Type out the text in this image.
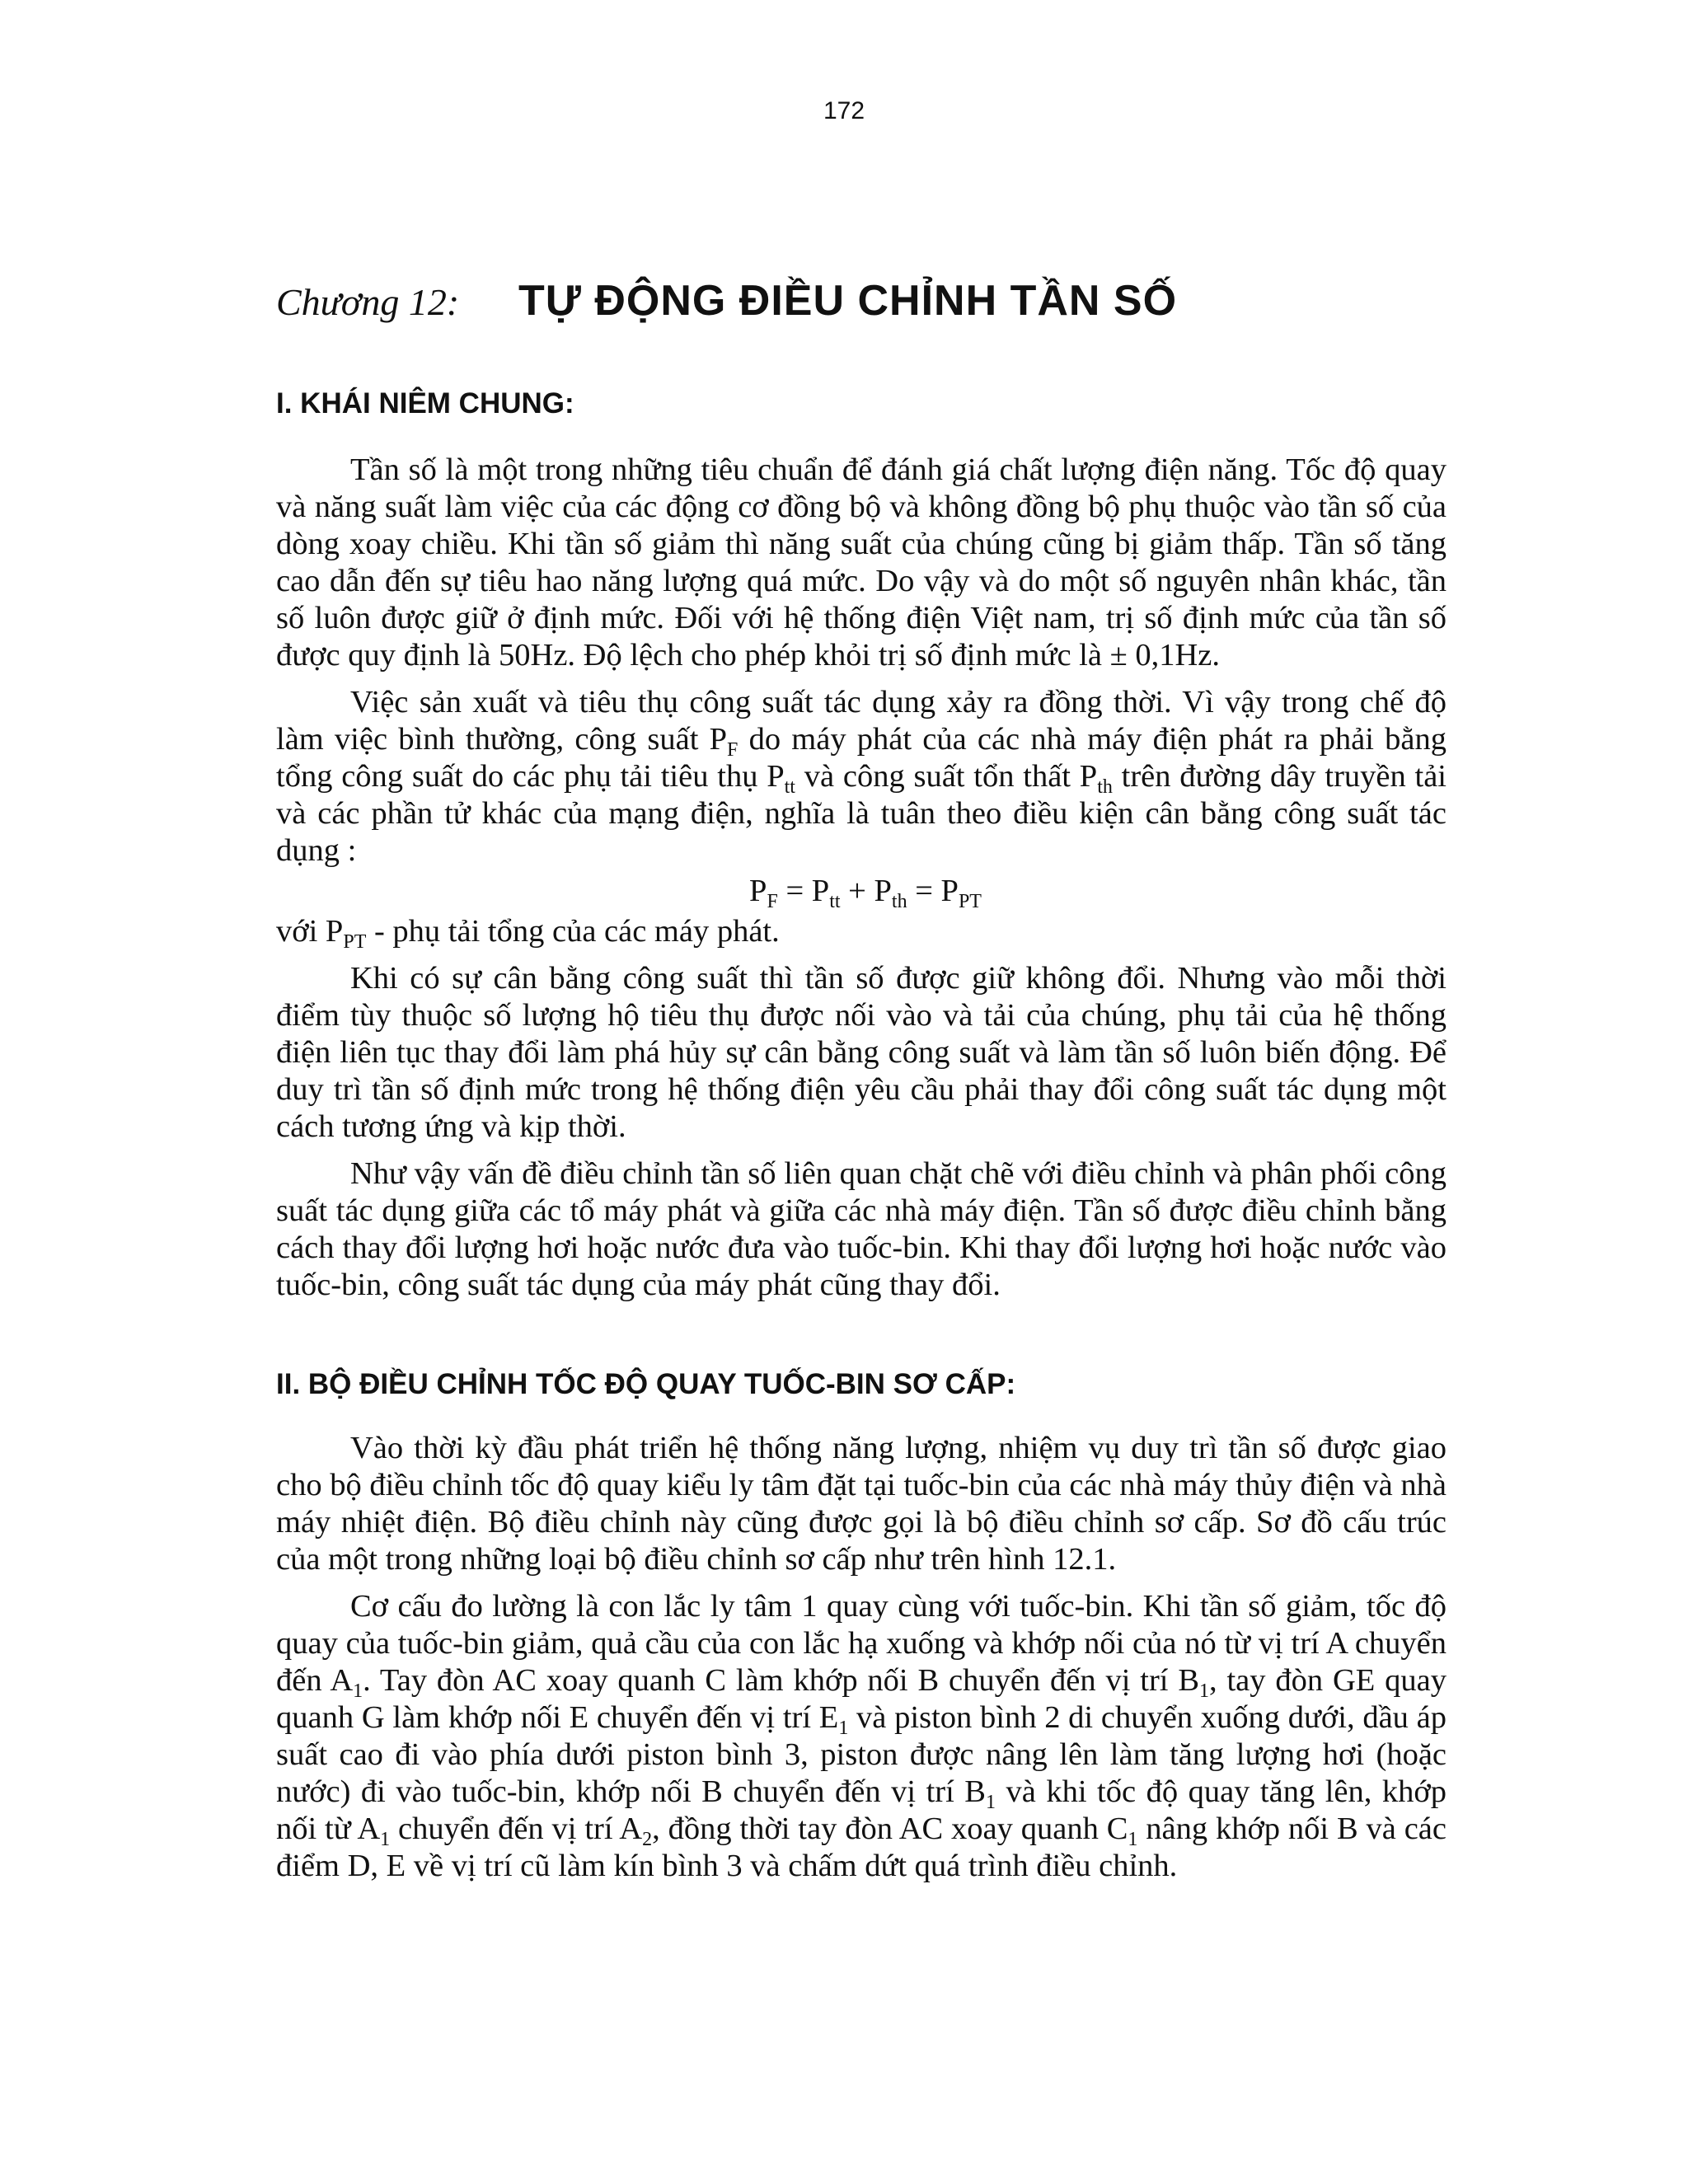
172
Chương 12: TỰ ĐỘNG ĐIỀU CHỈNH TẦN SỐ
I. KHÁI NIÊM CHUNG:

Tần số là một trong những tiêu chuẩn để đánh giá chất lượng điện năng. Tốc độ quay và năng suất làm việc của các động cơ đồng bộ và không đồng bộ phụ thuộc vào tần số của dòng xoay chiều. Khi tần số giảm thì năng suất của chúng cũng bị giảm thấp. Tần số tăng cao dẫn đến sự tiêu hao năng lượng quá mức. Do vậy và do một số nguyên nhân khác, tần số luôn được giữ ở định mức. Đối với hệ thống điện Việt nam, trị số định mức của tần số được quy định là 50Hz. Độ lệch cho phép khỏi trị số định mức là ± 0,1Hz.

Việc sản xuất và tiêu thụ công suất tác dụng xảy ra đồng thời. Vì vậy trong chế độ làm việc bình thường, công suất $P_F$ do máy phát của các nhà máy điện phát ra phải bằng tổng công suất do các phụ tải tiêu thụ $P_{tt}$ và công suất tổn thất $P_{th}$ trên đường dây truyền tải và các phần tử khác của mạng điện, nghĩa là tuân theo điều kiện cân bằng công suất tác dụng :

$P_F = P_{tt} + P_{th} = P_{PT}$

với $P_{PT}$ - phụ tải tổng của các máy phát.

Khi có sự cân bằng công suất thì tần số được giữ không đổi. Nhưng vào mỗi thời điểm tùy thuộc số lượng hộ tiêu thụ được nối vào và tải của chúng, phụ tải của hệ thống điện liên tục thay đổi làm phá hủy sự cân bằng công suất và làm tần số luôn biến động. Để duy trì tần số định mức trong hệ thống điện yêu cầu phải thay đổi công suất tác dụng một cách tương ứng và kịp thời.

Như vậy vấn đề điều chỉnh tần số liên quan chặt chẽ với điều chỉnh và phân phối công suất tác dụng giữa các tổ máy phát và giữa các nhà máy điện. Tần số được điều chỉnh bằng cách thay đổi lượng hơi hoặc nước đưa vào tuốc-bin. Khi thay đổi lượng hơi hoặc nước vào tuốc-bin, công suất tác dụng của máy phát cũng thay đổi.

II. BỘ ĐIỀU CHỈNH TỐC ĐỘ QUAY TUỐC-BIN SƠ CẤP:

Vào thời kỳ đầu phát triển hệ thống năng lượng, nhiệm vụ duy trì tần số được giao cho bộ điều chỉnh tốc độ quay kiểu ly tâm đặt tại tuốc-bin của các nhà máy thủy điện và nhà máy nhiệt điện. Bộ điều chỉnh này cũng được gọi là bộ điều chỉnh sơ cấp. Sơ đồ cấu trúc của một trong những loại bộ điều chỉnh sơ cấp như trên hình 12.1.

Cơ cấu đo lường là con lắc ly tâm 1 quay cùng với tuốc-bin. Khi tần số giảm, tốc độ quay của tuốc-bin giảm, quả cầu của con lắc hạ xuống và khớp nối của nó từ vị trí A chuyển đến $A_1$. Tay đòn AC xoay quanh C làm khớp nối B chuyển đến vị trí $B_1$, tay đòn GE quay quanh G làm khớp nối E chuyển đến vị trí $E_1$ và piston bình 2 di chuyển xuống dưới, dầu áp suất cao đi vào phía dưới piston bình 3, piston được nâng lên làm tăng lượng hơi (hoặc nước) đi vào tuốc-bin, khớp nối B chuyển đến vị trí $B_1$ và khi tốc độ quay tăng lên, khớp nối từ $A_1$ chuyển đến vị trí $A_2$, đồng thời tay đòn AC xoay quanh $C_1$ nâng khớp nối B và các điểm D, E về vị trí cũ làm kín bình 3 và chấm dứt quá trình điều chỉnh.
